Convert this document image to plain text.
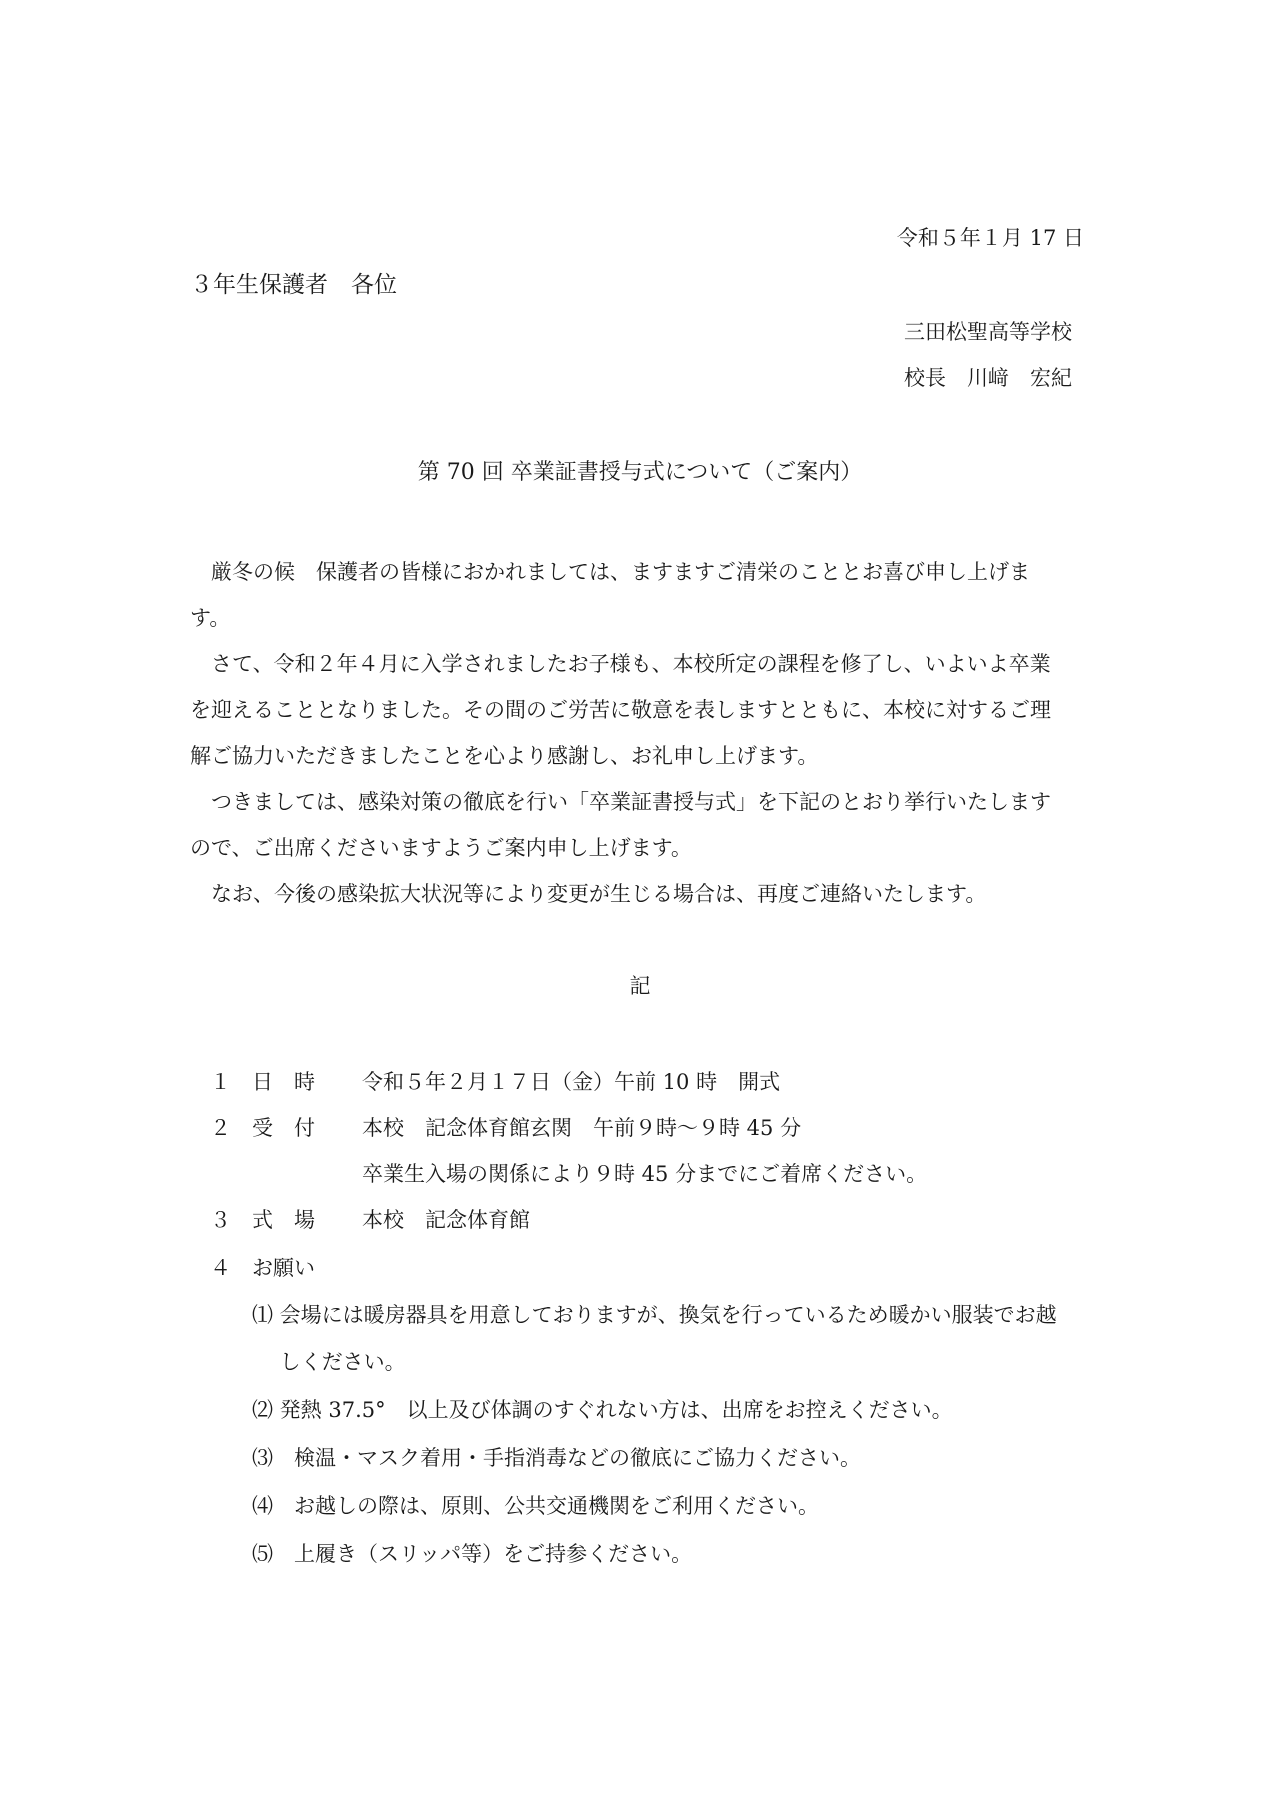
令和５年１月 17 日
３年生保護者　各位
三田松聖高等学校
校長　川﨑　宏紀
第 70 回 卒業証書授与式について（ご案内）
　厳冬の候　保護者の皆様におかれましては、ますますご清栄のこととお喜び申し上げま
す。
　さて、令和２年４月に入学されましたお子様も、本校所定の課程を修了し、いよいよ卒業
を迎えることとなりました。その間のご労苦に敬意を表しますとともに、本校に対するご理
解ご協力いただきましたことを心より感謝し、お礼申し上げます。
　つきましては、感染対策の徹底を行い「卒業証書授与式」を下記のとおり挙行いたします
ので、ご出席くださいますようご案内申し上げます。
　なお、今後の感染拡大状況等により変更が生じる場合は、再度ご連絡いたします。
記
１ 日　時 令和５年２月１７日（金）午前 10 時　開式
２ 受　付 本校　記念体育館玄関　午前９時～９時 45 分
卒業生入場の関係により９時 45 分までにご着席ください。
３ 式　場 本校　記念体育館
４ お願い
⑴ 会場には暖房器具を用意しておりますが、換気を行っているため暖かい服装でお越
　 しください。
⑵ 発熱 37.5°　以上及び体調のすぐれない方は、出席をお控えください。
⑶　検温・マスク着用・手指消毒などの徹底にご協力ください。
⑷　お越しの際は、原則、公共交通機関をご利用ください。
⑸　上履き（スリッパ等）をご持参ください。
